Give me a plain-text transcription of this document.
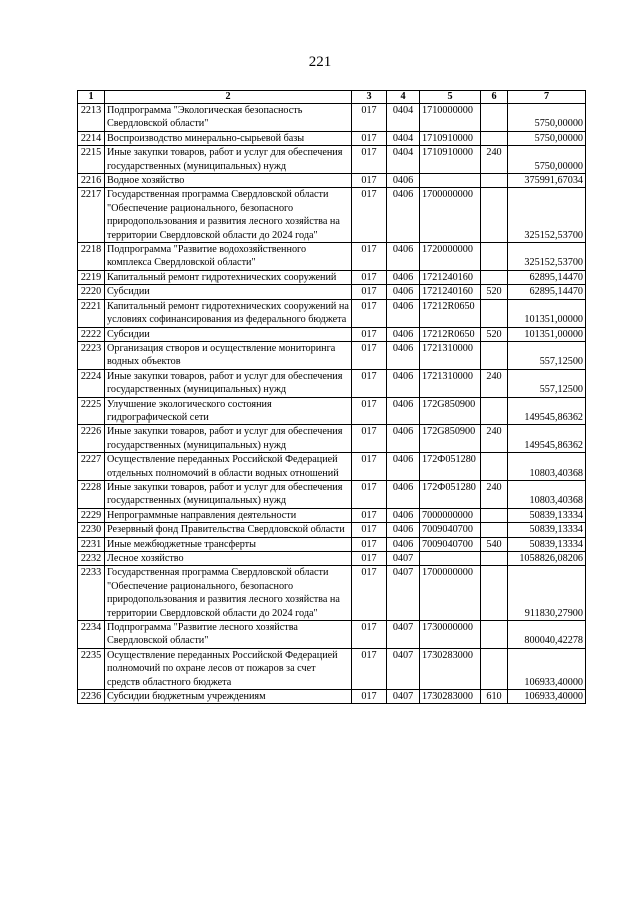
221
1	2	3	4	5	6	7
2213	Подпрограмма "Экологическая безопасность Свердловской области"	017	0404	1710000000		5750,00000
2214	Воспроизводство минерально-сырьевой базы	017	0404	1710910000		5750,00000
2215	Иные закупки товаров, работ и услуг для обеспечения государственных (муниципальных) нужд	017	0404	1710910000	240	5750,00000
2216	Водное хозяйство	017	0406			375991,67034
2217	Государственная программа Свердловской области "Обеспечение рационального, безопасного природопользования и развития лесного хозяйства на территории Свердловской области до 2024 года"	017	0406	1700000000		325152,53700
2218	Подпрограмма "Развитие водохозяйственного комплекса Свердловской области"	017	0406	1720000000		325152,53700
2219	Капитальный ремонт гидротехнических сооружений	017	0406	1721240160		62895,14470
2220	Субсидии	017	0406	1721240160	520	62895,14470
2221	Капитальный ремонт гидротехнических сооружений на условиях софинансирования из федерального бюджета	017	0406	17212R0650		101351,00000
2222	Субсидии	017	0406	17212R0650	520	101351,00000
2223	Организация створов и осуществление мониторинга водных объектов	017	0406	1721310000		557,12500
2224	Иные закупки товаров, работ и услуг для обеспечения государственных (муниципальных) нужд	017	0406	1721310000	240	557,12500
2225	Улучшение экологического состояния гидрографической сети	017	0406	172G850900		149545,86362
2226	Иные закупки товаров, работ и услуг для обеспечения государственных (муниципальных) нужд	017	0406	172G850900	240	149545,86362
2227	Осуществление переданных Российской Федерацией отдельных полномочий в области водных отношений	017	0406	172Ф051280		10803,40368
2228	Иные закупки товаров, работ и услуг для обеспечения государственных (муниципальных) нужд	017	0406	172Ф051280	240	10803,40368
2229	Непрограммные направления деятельности	017	0406	7000000000		50839,13334
2230	Резервный фонд Правительства Свердловской области	017	0406	7009040700		50839,13334
2231	Иные межбюджетные трансферты	017	0406	7009040700	540	50839,13334
2232	Лесное хозяйство	017	0407			1058826,08206
2233	Государственная программа Свердловской области "Обеспечение рационального, безопасного природопользования и развития лесного хозяйства на территории Свердловской области до 2024 года"	017	0407	1700000000		911830,27900
2234	Подпрограмма "Развитие лесного хозяйства Свердловской области"	017	0407	1730000000		800040,42278
2235	Осуществление переданных Российской Федерацией полномочий по охране лесов от пожаров за счет средств областного бюджета	017	0407	1730283000		106933,40000
2236	Субсидии бюджетным учреждениям	017	0407	1730283000	610	106933,40000
